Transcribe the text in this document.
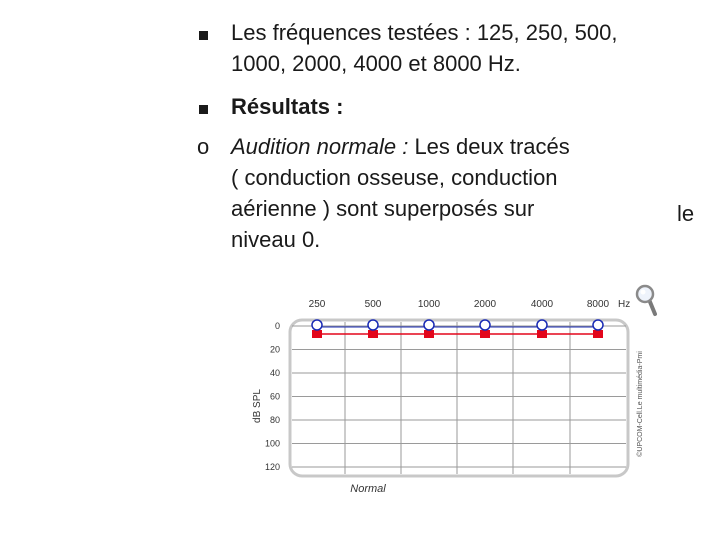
Les fréquences testées : 125, 250, 500,
1000, 2000, 4000 et 8000 Hz.
Résultats :
o Audition normale : Les deux tracés
( conduction osseuse, conduction
aérienne ) sont superposés sur
niveau 0.
le
250	500	1000	2000	4000	8000 Hz
0
20
40
60
80
100
120
dB SPL
Normal
©UPCOM-Cell.Le multimédia-Pmi
